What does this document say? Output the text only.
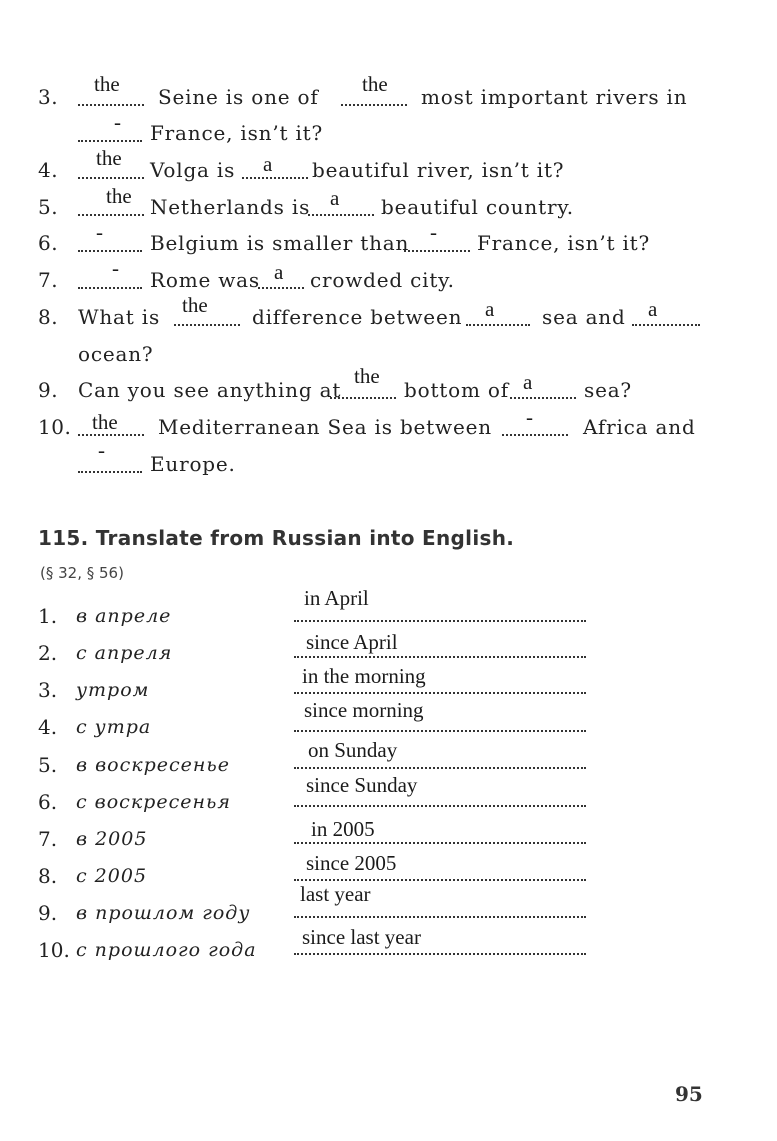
3.
the
Seine is one of
the
most important rivers in
- France, isn’t it?
4. the Volga is a beautiful river, isn’t it?
5. the Netherlands is a beautiful country.
6. - Belgium is smaller than - France, isn’t it?
7.	- Rome was a crowded city.
8. What is the difference between a sea and a
ocean?
9. Can you see anything at
the
bottom of a	sea?
10. the Mediterranean Sea is between -	Africa and
-
Europe.
115. Translate from Russian into English.
(§ 32, § 56)
1. в апреле
in April
2. с апреля	since April
3. утром
in the morning
4. с утра
since morning
5. в воскресенье
on Sunday
6. с воскресенья
since Sunday
7. в 2005	in 2005
8. с 2005
since 2005
9. в прошлом году
last year
10. с прошлого года
since last year
95
